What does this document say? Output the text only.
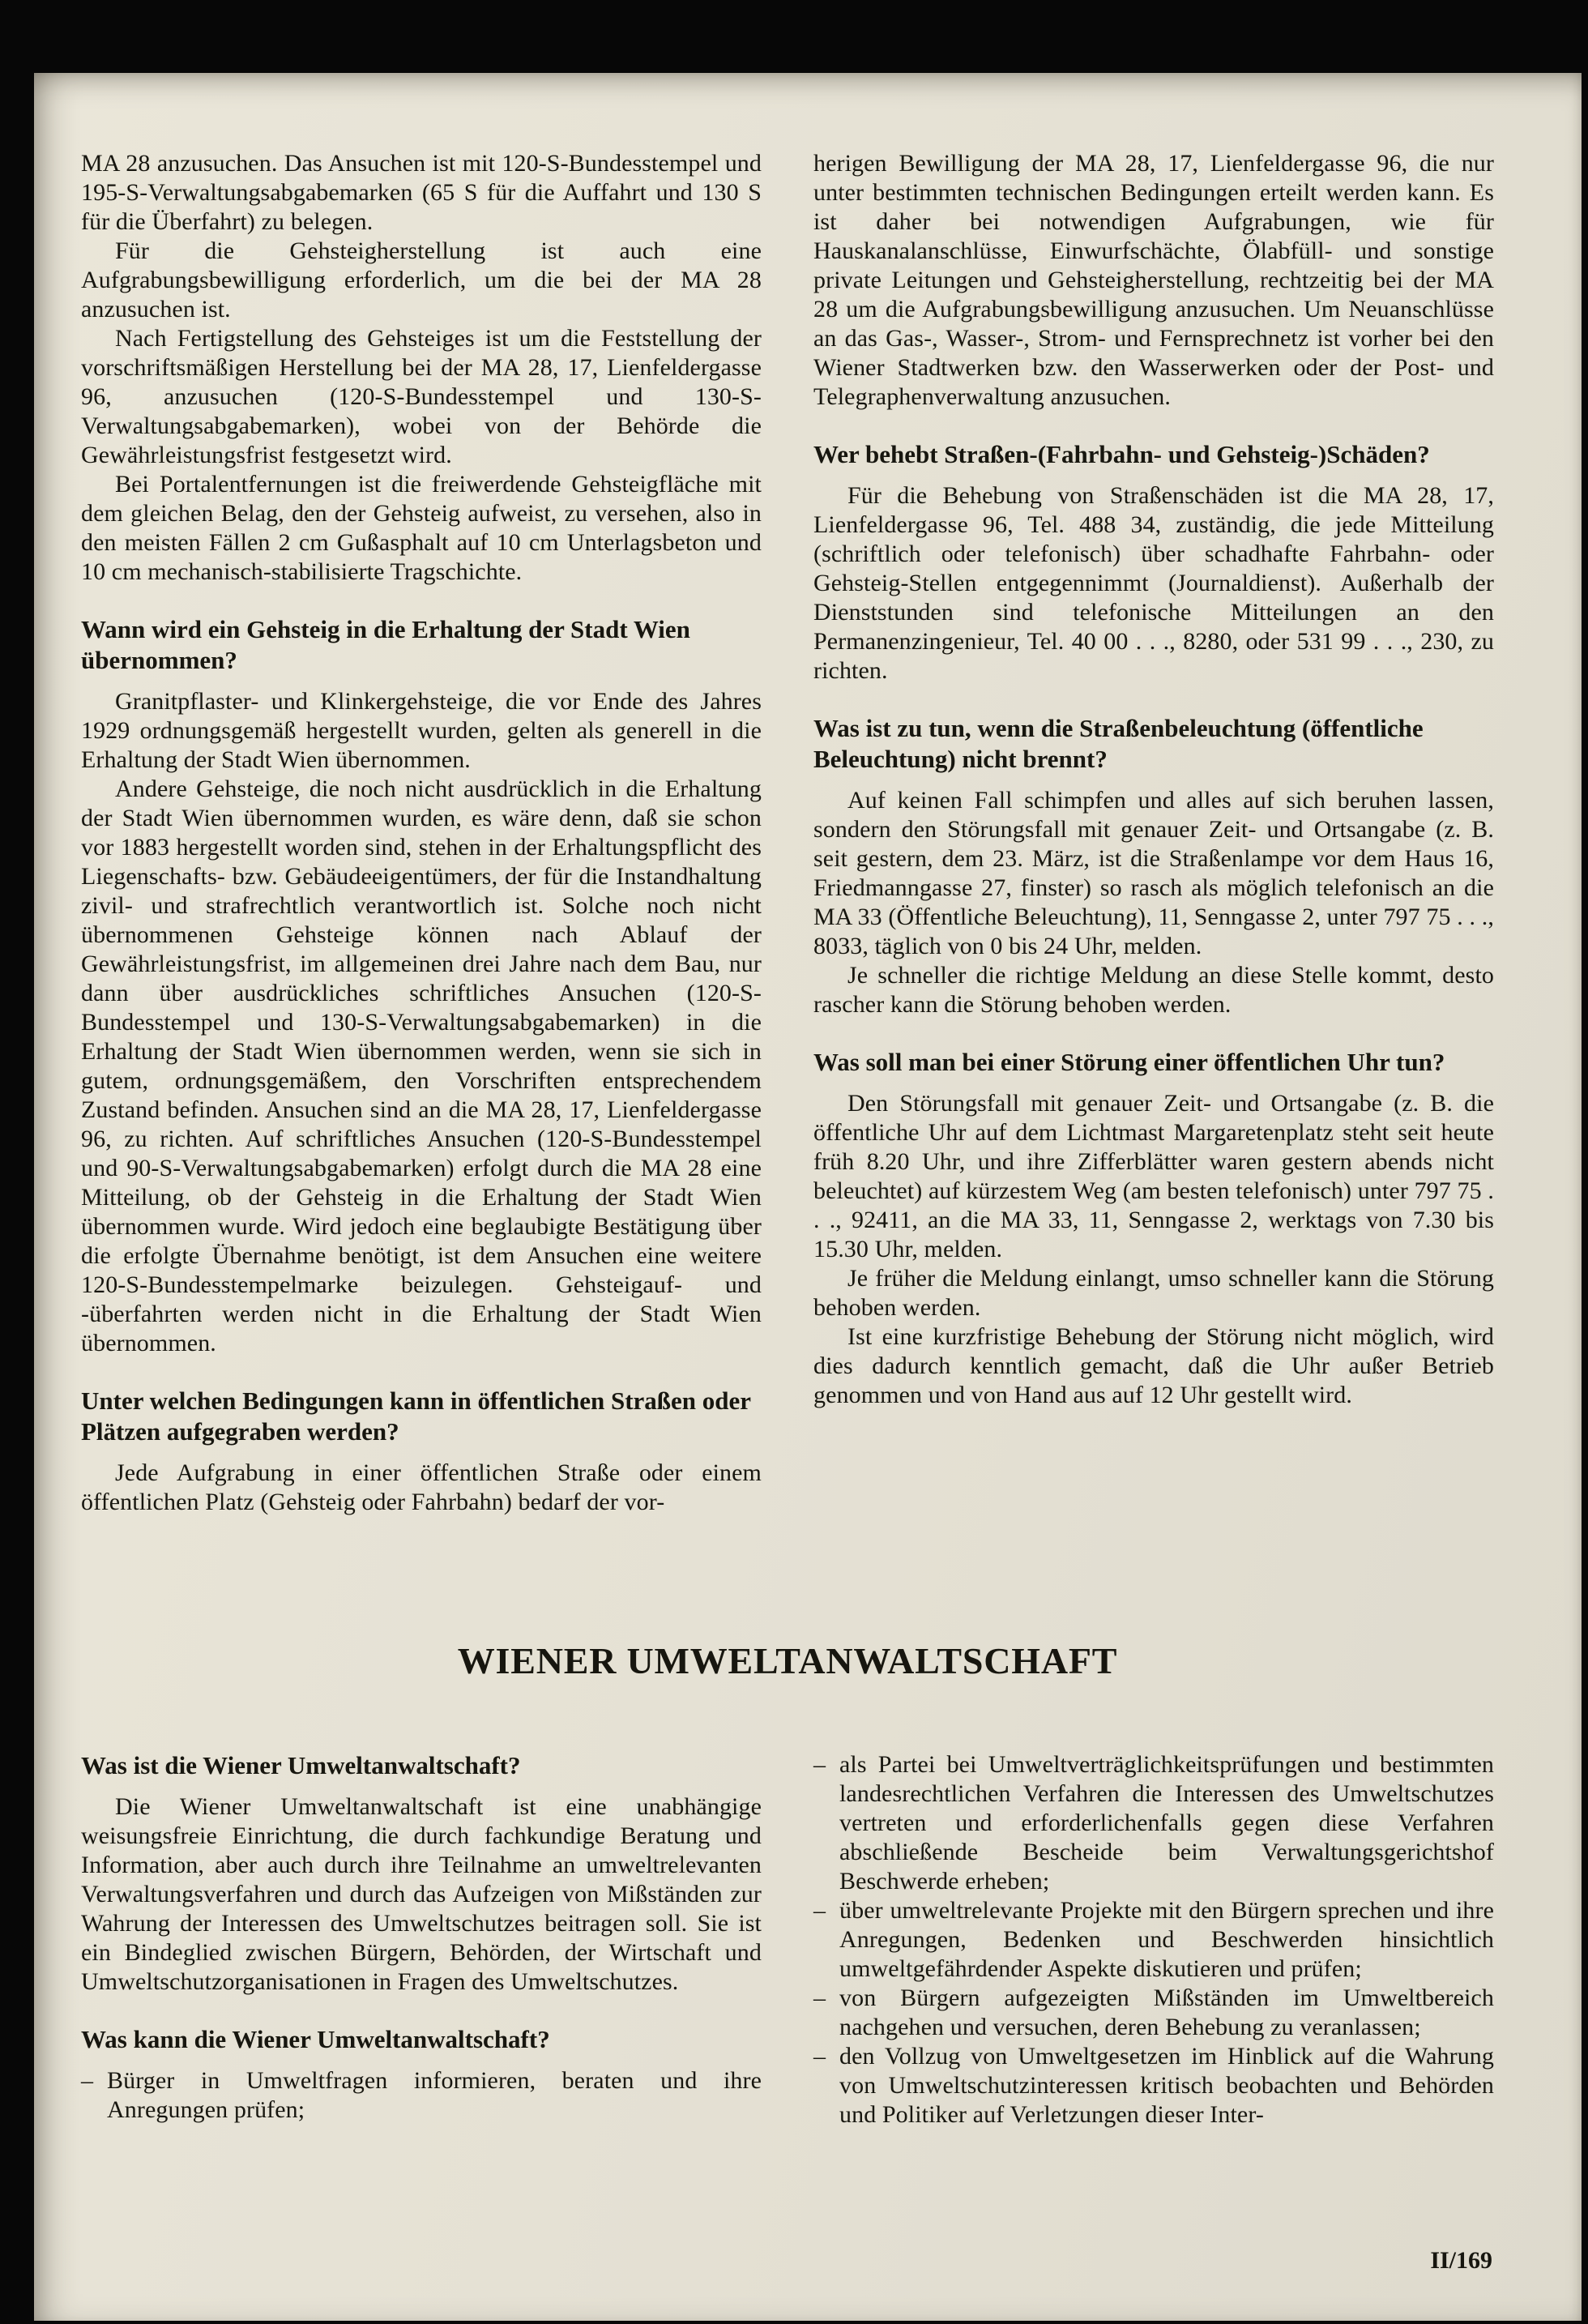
MA 28 anzusuchen. Das Ansuchen ist mit 120-S-Bundesstempel und 195-S-Verwaltungsabgabemarken (65 S für die Auffahrt und 130 S für die Überfahrt) zu belegen.

Für die Gehsteigherstellung ist auch eine Aufgrabungsbewilligung erforderlich, um die bei der MA 28 anzusuchen ist.

Nach Fertigstellung des Gehsteiges ist um die Feststellung der vorschriftsmäßigen Herstellung bei der MA 28, 17, Lienfeldergasse 96, anzusuchen (120-S-Bundesstempel und 130-S-Verwaltungsabgabemarken), wobei von der Behörde die Gewährleistungsfrist festgesetzt wird.

Bei Portalentfernungen ist die freiwerdende Gehsteigfläche mit dem gleichen Belag, den der Gehsteig aufweist, zu versehen, also in den meisten Fällen 2 cm Gußasphalt auf 10 cm Unterlagsbeton und 10 cm mechanisch-stabilisierte Tragschichte.

Wann wird ein Gehsteig in die Erhaltung der Stadt Wien übernommen?

Granitpflaster- und Klinkergehsteige, die vor Ende des Jahres 1929 ordnungsgemäß hergestellt wurden, gelten als generell in die Erhaltung der Stadt Wien übernommen.

Andere Gehsteige, die noch nicht ausdrücklich in die Erhaltung der Stadt Wien übernommen wurden, es wäre denn, daß sie schon vor 1883 hergestellt worden sind, stehen in der Erhaltungspflicht des Liegenschafts- bzw. Gebäudeeigentümers, der für die Instandhaltung zivil- und strafrechtlich verantwortlich ist. Solche noch nicht übernommenen Gehsteige können nach Ablauf der Gewährleistungsfrist, im allgemeinen drei Jahre nach dem Bau, nur dann über ausdrückliches schriftliches Ansuchen (120-S-Bundesstempel und 130-S-Verwaltungsabgabemarken) in die Erhaltung der Stadt Wien übernommen werden, wenn sie sich in gutem, ordnungsgemäßem, den Vorschriften entsprechendem Zustand befinden. Ansuchen sind an die MA 28, 17, Lienfeldergasse 96, zu richten. Auf schriftliches Ansuchen (120-S-Bundesstempel und 90-S-Verwaltungsabgabemarken) erfolgt durch die MA 28 eine Mitteilung, ob der Gehsteig in die Erhaltung der Stadt Wien übernommen wurde. Wird jedoch eine beglaubigte Bestätigung über die erfolgte Übernahme benötigt, ist dem Ansuchen eine weitere 120-S-Bundesstempelmarke beizulegen. Gehsteigauf- und -überfahrten werden nicht in die Erhaltung der Stadt Wien übernommen.

Unter welchen Bedingungen kann in öffentlichen Straßen oder Plätzen aufgegraben werden?

Jede Aufgrabung in einer öffentlichen Straße oder einem öffentlichen Platz (Gehsteig oder Fahrbahn) bedarf der vor-

herigen Bewilligung der MA 28, 17, Lienfeldergasse 96, die nur unter bestimmten technischen Bedingungen erteilt werden kann. Es ist daher bei notwendigen Aufgrabungen, wie für Hauskanalanschlüsse, Einwurfschächte, Ölabfüll- und sonstige private Leitungen und Gehsteigherstellung, rechtzeitig bei der MA 28 um die Aufgrabungsbewilligung anzusuchen. Um Neuanschlüsse an das Gas-, Wasser-, Strom- und Fernsprechnetz ist vorher bei den Wiener Stadtwerken bzw. den Wasserwerken oder der Post- und Telegraphenverwaltung anzusuchen.

Wer behebt Straßen-(Fahrbahn- und Gehsteig-)Schäden?

Für die Behebung von Straßenschäden ist die MA 28, 17, Lienfeldergasse 96, Tel. 488 34, zuständig, die jede Mitteilung (schriftlich oder telefonisch) über schadhafte Fahrbahn- oder Gehsteig-Stellen entgegennimmt (Journaldienst). Außerhalb der Dienststunden sind telefonische Mitteilungen an den Permanenzingenieur, Tel. 40 00 . . ., 8280, oder 531 99 . . ., 230, zu richten.

Was ist zu tun, wenn die Straßenbeleuchtung (öffentliche Beleuchtung) nicht brennt?

Auf keinen Fall schimpfen und alles auf sich beruhen lassen, sondern den Störungsfall mit genauer Zeit- und Ortsangabe (z. B. seit gestern, dem 23. März, ist die Straßenlampe vor dem Haus 16, Friedmanngasse 27, finster) so rasch als möglich telefonisch an die MA 33 (Öffentliche Beleuchtung), 11, Senngasse 2, unter 797 75 . . ., 8033, täglich von 0 bis 24 Uhr, melden.

Je schneller die richtige Meldung an diese Stelle kommt, desto rascher kann die Störung behoben werden.

Was soll man bei einer Störung einer öffentlichen Uhr tun?

Den Störungsfall mit genauer Zeit- und Ortsangabe (z. B. die öffentliche Uhr auf dem Lichtmast Margaretenplatz steht seit heute früh 8.20 Uhr, und ihre Zifferblätter waren gestern abends nicht beleuchtet) auf kürzestem Weg (am besten telefonisch) unter 797 75 . . ., 92411, an die MA 33, 11, Senngasse 2, werktags von 7.30 bis 15.30 Uhr, melden.

Je früher die Meldung einlangt, umso schneller kann die Störung behoben werden.

Ist eine kurzfristige Behebung der Störung nicht möglich, wird dies dadurch kenntlich gemacht, daß die Uhr außer Betrieb genommen und von Hand aus auf 12 Uhr gestellt wird.

WIENER UMWELTANWALTSCHAFT
Was ist die Wiener Umweltanwaltschaft?

Die Wiener Umweltanwaltschaft ist eine unabhängige weisungsfreie Einrichtung, die durch fachkundige Beratung und Information, aber auch durch ihre Teilnahme an umweltrelevanten Verwaltungsverfahren und durch das Aufzeigen von Mißständen zur Wahrung der Interessen des Umweltschutzes beitragen soll. Sie ist ein Bindeglied zwischen Bürgern, Behörden, der Wirtschaft und Umweltschutzorganisationen in Fragen des Umweltschutzes.

Was kann die Wiener Umweltanwaltschaft?
– Bürger in Umweltfragen informieren, beraten und ihre Anregungen prüfen;
– als Partei bei Umweltverträglichkeitsprüfungen und bestimmten landesrechtlichen Verfahren die Interessen des Umweltschutzes vertreten und erforderlichenfalls gegen diese Verfahren abschließende Bescheide beim Verwaltungsgerichtshof Beschwerde erheben;
– über umweltrelevante Projekte mit den Bürgern sprechen und ihre Anregungen, Bedenken und Beschwerden hinsichtlich umweltgefährdender Aspekte diskutieren und prüfen;
– von Bürgern aufgezeigten Mißständen im Umweltbereich nachgehen und versuchen, deren Behebung zu veranlassen;
– den Vollzug von Umweltgesetzen im Hinblick auf die Wahrung von Umweltschutzinteressen kritisch beobachten und Behörden und Politiker auf Verletzungen dieser Inter-
II/169
